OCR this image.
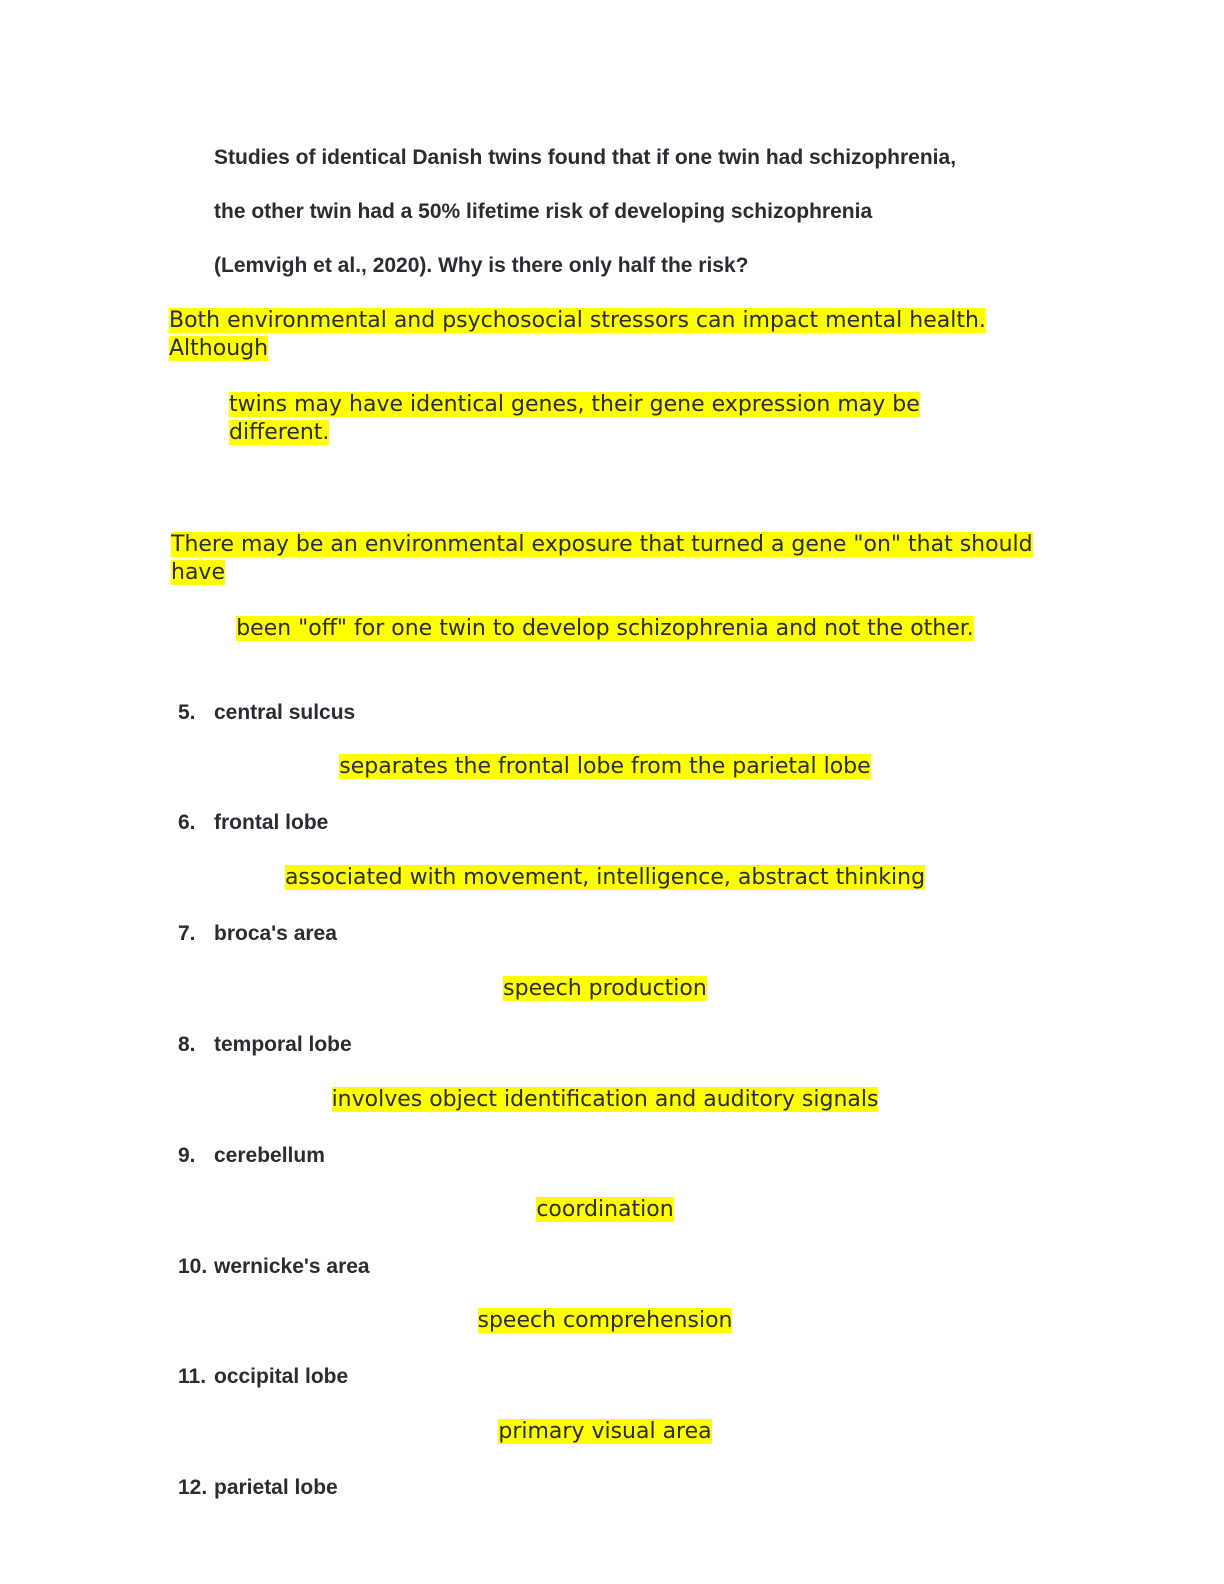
Studies of identical Danish twins found that if one twin had schizophrenia,
the other twin had a 50% lifetime risk of developing schizophrenia
(Lemvigh et al., 2020). Why is there only half the risk?
Both environmental and psychosocial stressors can impact mental health. Although
twins may have identical genes, their gene expression may be different.
There may be an environmental exposure that turned a gene "on" that should have
been "off" for one twin to develop schizophrenia and not the other.
5. central sulcus
separates the frontal lobe from the parietal lobe
6. frontal lobe
associated with movement, intelligence, abstract thinking
7. broca's area
speech production
8. temporal lobe
involves object identification and auditory signals
9. cerebellum
coordination
10. wernicke's area
speech comprehension
11. occipital lobe
primary visual area
12. parietal lobe
